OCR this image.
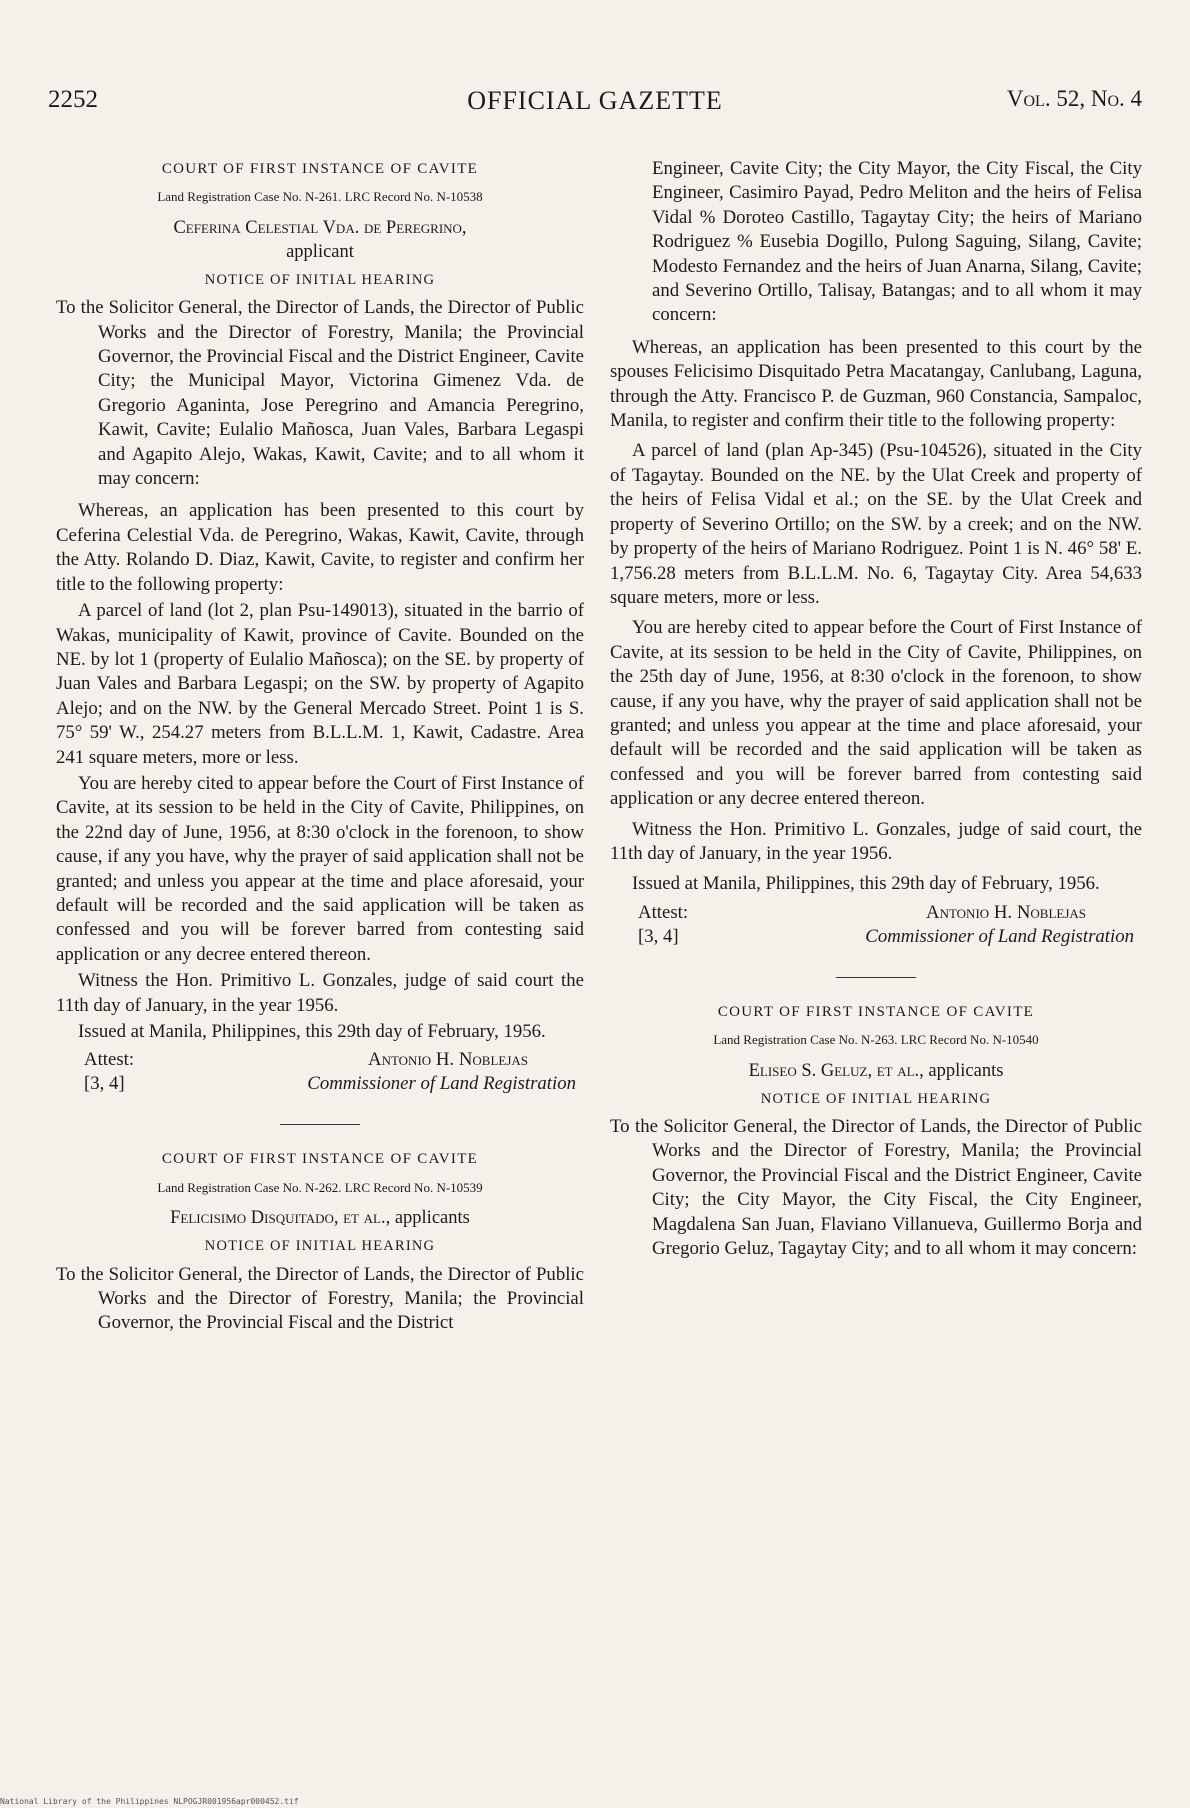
2252	OFFICIAL GAZETTE	Vol. 52, No. 4
COURT OF FIRST INSTANCE OF CAVITE
Land Registration Case No. N-261. LRC Record No. N-10538
Ceferina Celestial Vda. de Peregrino,
applicant
NOTICE OF INITIAL HEARING

To the Solicitor General, the Director of Lands, the Director of Public Works and the Director of Forestry, Manila; the Provincial Governor, the Provincial Fiscal and the District Engineer, Cavite City; the Municipal Mayor, Victorina Gimenez Vda. de Gregorio Aganinta, Jose Peregrino and Amancia Peregrino, Kawit, Cavite; Eulalio Mañosca, Juan Vales, Barbara Legaspi and Agapito Alejo, Wakas, Kawit, Cavite; and to all whom it may concern:

Whereas, an application has been presented to this court by Ceferina Celestial Vda. de Peregrino, Wakas, Kawit, Cavite, through the Atty. Rolando D. Diaz, Kawit, Cavite, to register and confirm her title to the following property:

A parcel of land (lot 2, plan Psu-149013), situated in the barrio of Wakas, municipality of Kawit, province of Cavite. Bounded on the NE. by lot 1 (property of Eulalio Mañosca); on the SE. by property of Juan Vales and Barbara Legaspi; on the SW. by property of Agapito Alejo; and on the NW. by the General Mercado Street. Point 1 is S. 75° 59' W., 254.27 meters from B.L.L.M. 1, Kawit, Cadastre. Area 241 square meters, more or less.

You are hereby cited to appear before the Court of First Instance of Cavite, at its session to be held in the City of Cavite, Philippines, on the 22nd day of June, 1956, at 8:30 o'clock in the forenoon, to show cause, if any you have, why the prayer of said application shall not be granted; and unless you appear at the time and place aforesaid, your default will be recorded and the said application will be taken as confessed and you will be forever barred from contesting said application or any decree entered thereon.

Witness the Hon. Primitivo L. Gonzales, judge of said court the 11th day of January, in the year 1956.

Issued at Manila, Philippines, this 29th day of February, 1956.

Attest:
[3, 4]
Antonio H. Noblejas
Commissioner of Land Registration
COURT OF FIRST INSTANCE OF CAVITE
Land Registration Case No. N-262. LRC Record No. N-10539
Felicisimo Disquitado, et al., applicants
NOTICE OF INITIAL HEARING

To the Solicitor General, the Director of Lands, the Director of Public Works and the Director of Forestry, Manila; the Provincial Governor, the Provincial Fiscal and the District

Engineer, Cavite City; the City Mayor, the City Fiscal, the City Engineer, Casimiro Payad, Pedro Meliton and the heirs of Felisa Vidal % Doroteo Castillo, Tagaytay City; the heirs of Mariano Rodriguez % Eusebia Dogillo, Pulong Saguing, Silang, Cavite; Modesto Fernandez and the heirs of Juan Anarna, Silang, Cavite; and Severino Ortillo, Talisay, Batangas; and to all whom it may concern:

Whereas, an application has been presented to this court by the spouses Felicisimo Disquitado Petra Macatangay, Canlubang, Laguna, through the Atty. Francisco P. de Guzman, 960 Constancia, Sampaloc, Manila, to register and confirm their title to the following property:

A parcel of land (plan Ap-345) (Psu-104526), situated in the City of Tagaytay. Bounded on the NE. by the Ulat Creek and property of the heirs of Felisa Vidal et al.; on the SE. by the Ulat Creek and property of Severino Ortillo; on the SW. by a creek; and on the NW. by property of the heirs of Mariano Rodriguez. Point 1 is N. 46° 58' E. 1,756.28 meters from B.L.L.M. No. 6, Tagaytay City. Area 54,633 square meters, more or less.

You are hereby cited to appear before the Court of First Instance of Cavite, at its session to be held in the City of Cavite, Philippines, on the 25th day of June, 1956, at 8:30 o'clock in the forenoon, to show cause, if any you have, why the prayer of said application shall not be granted; and unless you appear at the time and place aforesaid, your default will be recorded and the said application will be taken as confessed and you will be forever barred from contesting said application or any decree entered thereon.

Witness the Hon. Primitivo L. Gonzales, judge of said court, the 11th day of January, in the year 1956.

Issued at Manila, Philippines, this 29th day of February, 1956.

Attest:
[3, 4]
Antonio H. Noblejas
Commissioner of Land Registration
COURT OF FIRST INSTANCE OF CAVITE
Land Registration Case No. N-263. LRC Record No. N-10540
Eliseo S. Geluz, et al., applicants
NOTICE OF INITIAL HEARING

To the Solicitor General, the Director of Lands, the Director of Public Works and the Director of Forestry, Manila; the Provincial Governor, the Provincial Fiscal and the District Engineer, Cavite City; the City Mayor, the City Fiscal, the City Engineer, Magdalena San Juan, Flaviano Villanueva, Guillermo Borja and Gregorio Geluz, Tagaytay City; and to all whom it may concern:

National Library of the Philippines NLPOGJR001956apr000452.tif
